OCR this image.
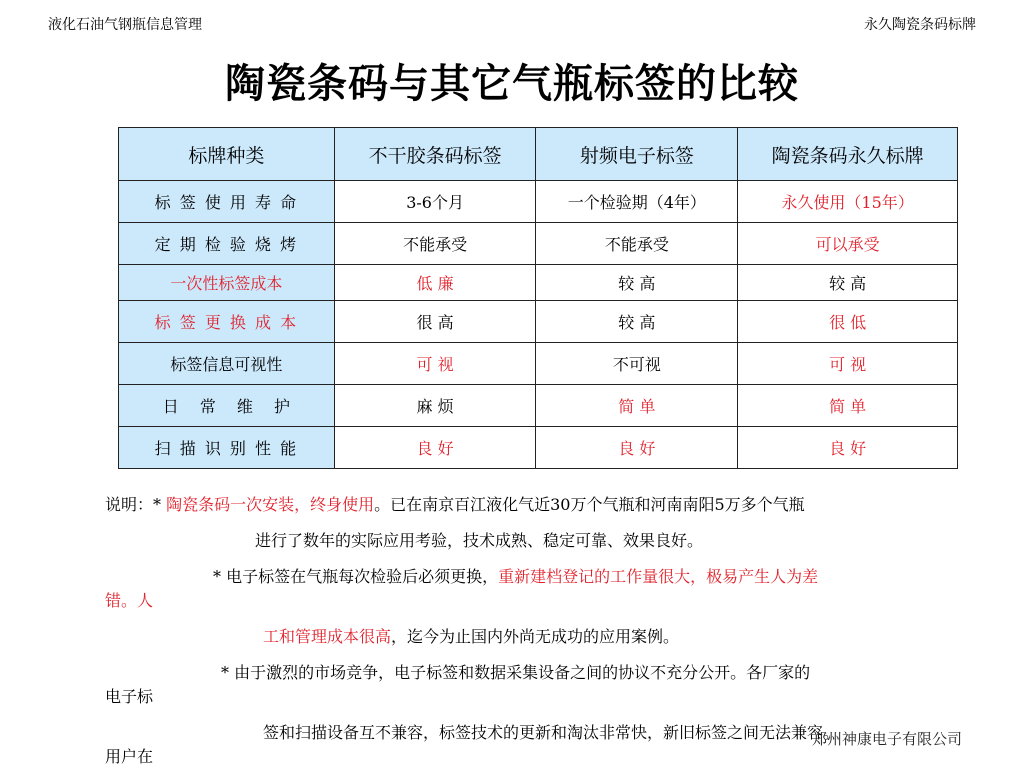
液化石油气钢瓶信息管理	永久陶瓷条码标牌
陶瓷条码与其它气瓶标签的比较
标牌种类	不干胶条码标签	射频电子标签	陶瓷条码永久标牌
标 签 使 用 寿 命	3-6个月	一个检验期（4年）	永久使用（15年）
定 期 检 验 烧 烤	不能承受	不能承受	可以承受
一次性标签成本	低 廉	较 高	较 高
标 签 更 换 成 本	很 高	较 高	很 低
标签信息可视性	可 视	不可视	可 视
日　 常　 维　 护	麻 烦	简 单	简 单
扫 描 识 别 性 能	良 好	良 好	良 好
说明：* 陶瓷条码一次安装，终身使用。已在南京百江液化气近30万个气瓶和河南南阳5万多个气瓶
进行了数年的实际应用考验，技术成熟、稳定可靠、效果良好。
* 电子标签在气瓶每次检验后必须更换，重新建档登记的工作量很大，极易产生人为差
错。人
工和管理成本很高，迄今为止国内外尚无成功的应用案例。
* 由于激烈的市场竞争，电子标签和数据采集设备之间的协议不充分公开。各厂家的
电子标
签和扫描设备互不兼容，标签技术的更新和淘汰非常快，新旧标签之间无法兼容。
用户在
郑州神康电子有限公司
